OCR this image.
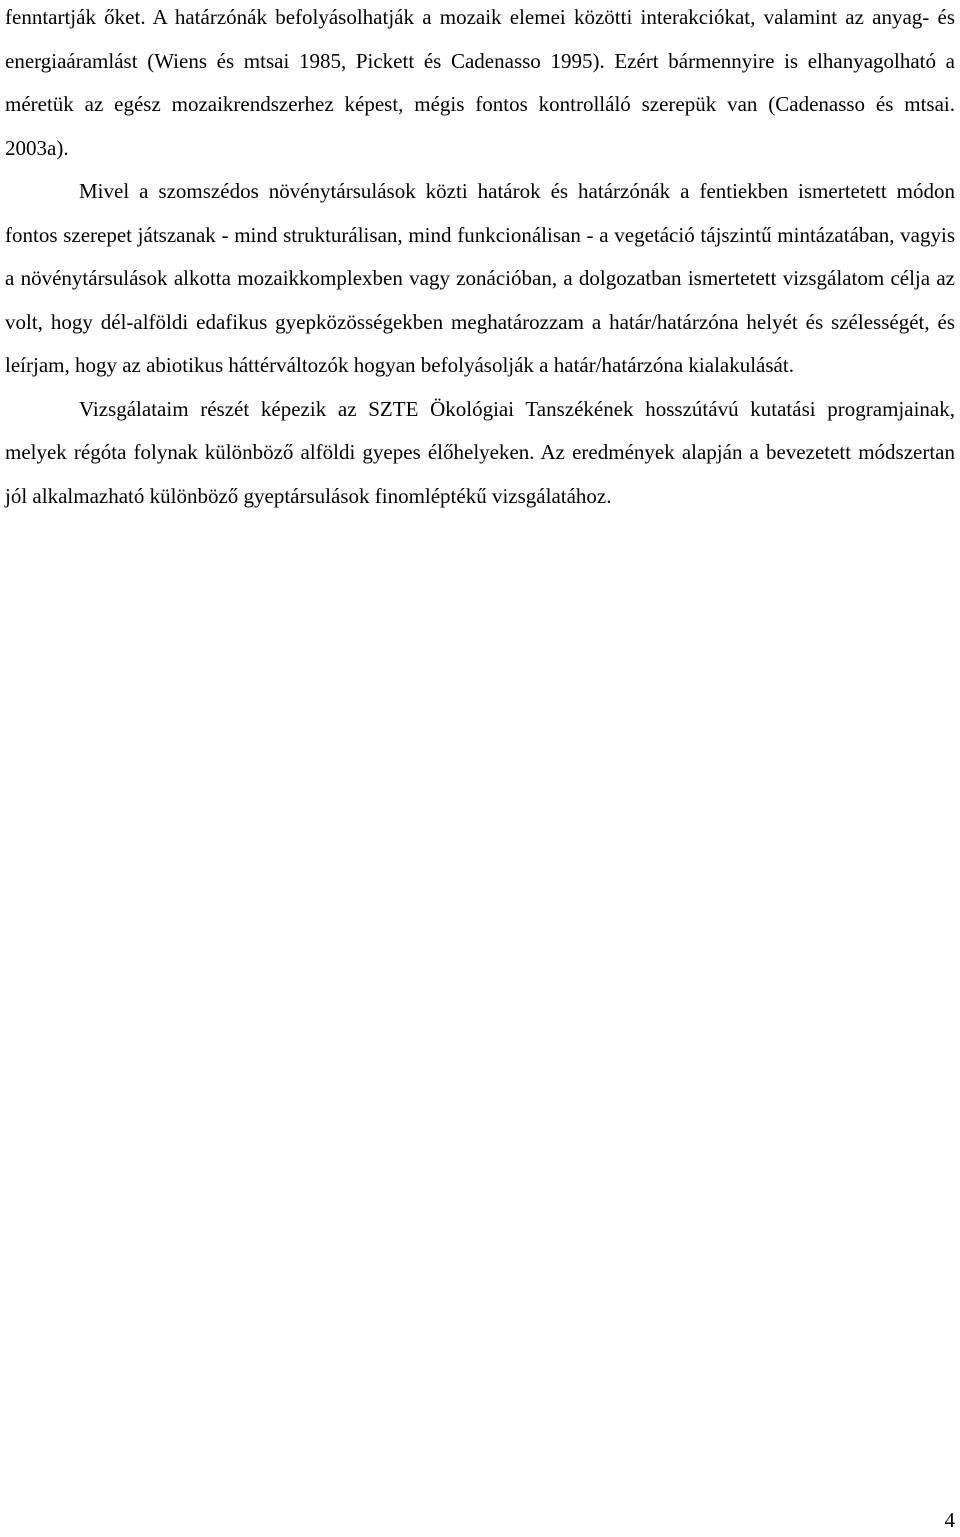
fenntartják őket. A határzónák befolyásolhatják a mozaik elemei közötti interakciókat, valamint az anyag- és energiaáramlást (Wiens és mtsai 1985, Pickett és Cadenasso 1995). Ezért bármennyire is elhanyagolható a méretük az egész mozaikrendszerhez képest, mégis fontos kontrolláló szerepük van (Cadenasso és mtsai. 2003a).

Mivel a szomszédos növénytársulások közti határok és határzónák a fentiekben ismertetett módon fontos szerepet játszanak - mind strukturálisan, mind funkcionálisan - a vegetáció tájszintű mintázatában, vagyis a növénytársulások alkotta mozaikkomplexben vagy zonációban, a dolgozatban ismertetett vizsgálatom célja az volt, hogy dél-alföldi edafikus gyepközösségekben meghatározzam a határ/határzóna helyét és szélességét, és leírjam, hogy az abiotikus háttérváltozók hogyan befolyásolják a határ/határzóna kialakulását.

Vizsgálataim részét képezik az SZTE Ökológiai Tanszékének hosszútávú kutatási programjainak, melyek régóta folynak különböző alföldi gyepes élőhelyeken. Az eredmények alapján a bevezetett módszertan jól alkalmazható különböző gyeptársulások finomléptékű vizsgálatához.

4
